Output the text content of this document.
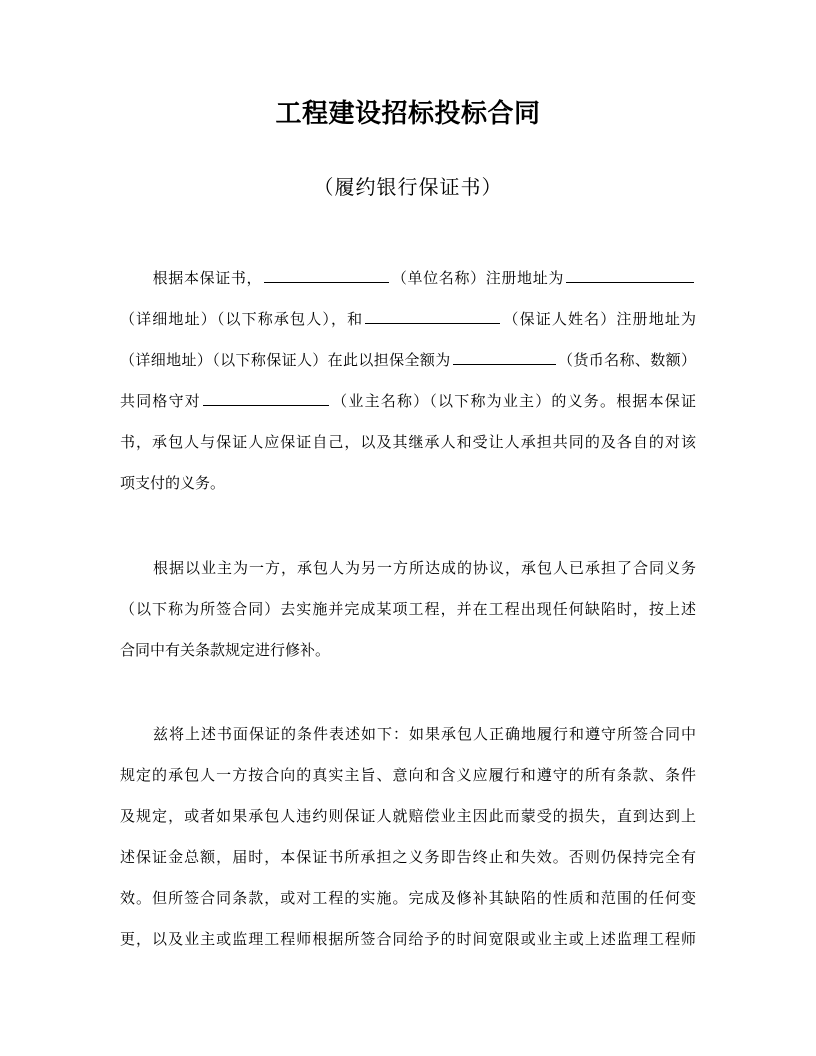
工程建设招标投标合同
（履约银行保证书）
根据本保证书，	（单位名称）注册地址为
（详细地址）（以下称承包人），和	（保证人姓名）注册地址为
（详细地址）（以下称保证人）在此以担保全额为	（货币名称、数额）
共同格守对	（业主名称）（以下称为业主）的义务。根据本保证
书，承包人与保证人应保证自己，以及其继承人和受让人承担共同的及各自的对该
项支付的义务。
根据以业主为一方，承包人为另一方所达成的协议，承包人已承担了合同义务
（以下称为所签合同）去实施并完成某项工程，并在工程出现任何缺陷时，按上述
合同中有关条款规定进行修补。
兹将上述书面保证的条件表述如下：如果承包人正确地履行和遵守所签合同中
规定的承包人一方按合向的真实主旨、意向和含义应履行和遵守的所有条款、条件
及规定，或者如果承包人违约则保证人就赔偿业主因此而蒙受的损失，直到达到上
述保证金总额，届时，本保证书所承担之义务即告终止和失效。否则仍保持完全有
效。但所签合同条款，或对工程的实施。完成及修补其缺陷的性质和范围的任何变
更，以及业主或监理工程师根据所签合同给予的时间宽限或业主或上述监理工程师
